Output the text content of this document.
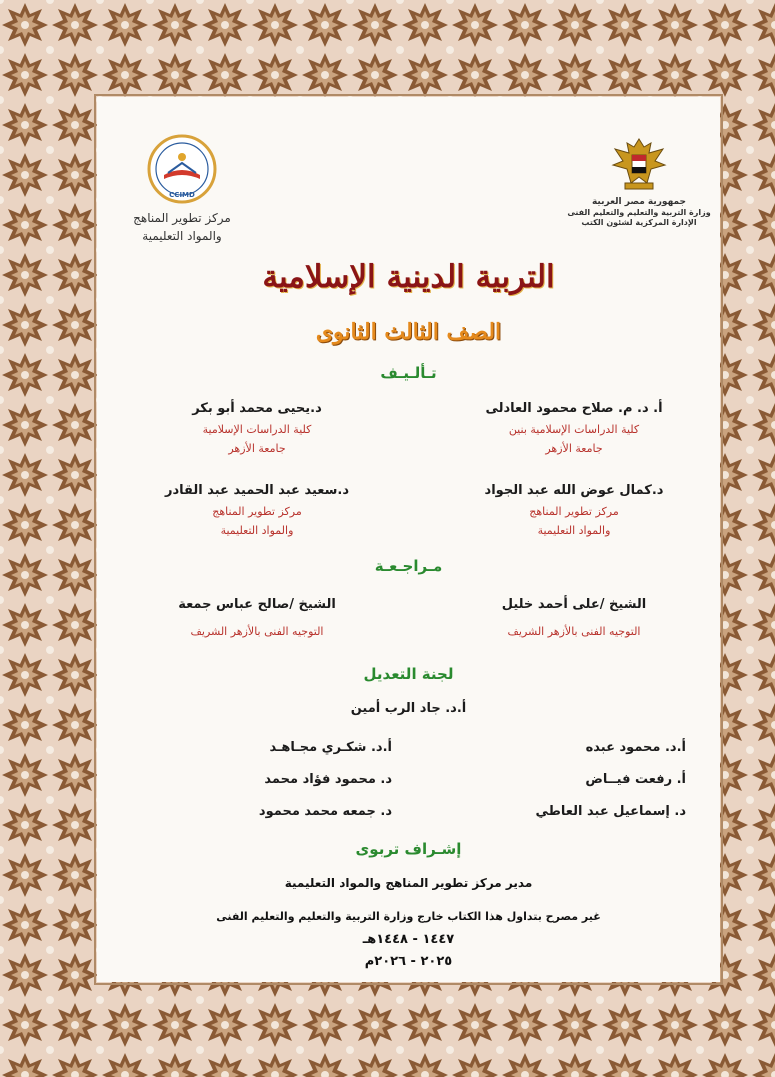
جمهورية مصر العربية
وزارة التربية والتعليم والتعليم الفنى
الإدارة المركزية لشئون الكتب
CCIMD
مركز تطوير المناهج
والمواد التعليمية
التربية الدينية الإسلامية
الصف الثالث الثانوى
تـألـيـف
أ. د. م. صلاح محمود العادلى
كلية الدراسات الإسلامية بنين
جامعة الأزهر
د.يحيى محمد أبو بكر
كلية الدراسات الإسلامية
جامعة الأزهر
د.كمال عوض الله عبد الجواد
مركز تطوير المناهج
والمواد التعليمية
د.سعيد عبد الحميد عبد القادر
مركز تطوير المناهج
والمواد التعليمية
مـراجـعـة
الشيخ /على أحمد خليل
التوجيه الفنى بالأزهر الشريف
الشيخ /صالح عباس جمعة
التوجيه الفنى بالأزهر الشريف
لجنة التعديل
أ.د. جاد الرب أمين
أ.د. محمود عبده
أ.د. شكـري مجـاهـد
أ. رفعت فيــاض
د. محمود فؤاد محمد
د. إسماعيل عبد العاطي
د. جمعه محمد محمود
إشـراف تربوى
مدير مركز تطوير المناهج والمواد التعليمية
غير مصرح بتداول هذا الكتاب خارج وزارة التربية والتعليم والتعليم الفنى
١٤٤٧ - ١٤٤٨هـ
٢٠٢٥ - ٢٠٢٦م
